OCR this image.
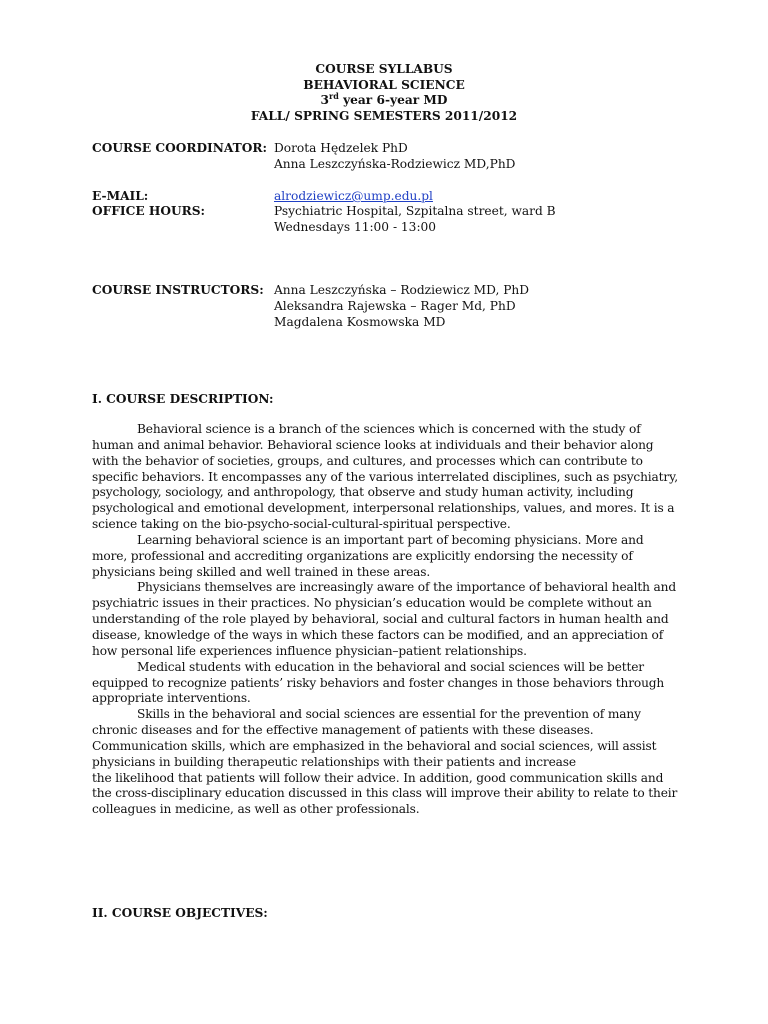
COURSE SYLLABUS
BEHAVIORAL SCIENCE
3rd year 6-year MD
FALL/ SPRING SEMESTERS 2011/2012
COURSE COORDINATOR: Dorota Hędzelek PhD
Anna Leszczyńska-Rodziewicz MD,PhD
E-MAIL:	alrodziewicz@ump.edu.pl
OFFICE HOURS:	Psychiatric Hospital, Szpitalna street, ward B
Wednesdays 11:00 - 13:00
COURSE INSTRUCTORS: Anna Leszczyńska – Rodziewicz MD, PhD
Aleksandra Rajewska – Rager Md, PhD
Magdalena Kosmowska MD
I. COURSE DESCRIPTION:
Behavioral science is a branch of the sciences which is concerned with the study of
human and animal behavior. Behavioral science looks at individuals and their behavior along
with the behavior of societies, groups, and cultures, and processes which can contribute to
specific behaviors. It encompasses any of the various interrelated disciplines, such as psychiatry,
psychology, sociology, and anthropology, that observe and study human activity, including
psychological and emotional development, interpersonal relationships, values, and mores. It is a
science taking on the bio-psycho-social-cultural-spiritual perspective.
Learning behavioral science is an important part of becoming physicians. More and
more, professional and accrediting organizations are explicitly endorsing the necessity of
physicians being skilled and well trained in these areas.
Physicians themselves are increasingly aware of the importance of behavioral health and
psychiatric issues in their practices. No physician’s education would be complete without an
understanding of the role played by behavioral, social and cultural factors in human health and
disease, knowledge of the ways in which these factors can be modified, and an appreciation of
how personal life experiences influence physician–patient relationships.
Medical students with education in the behavioral and social sciences will be better
equipped to recognize patients’ risky behaviors and foster changes in those behaviors through
appropriate interventions.
Skills in the behavioral and social sciences are essential for the prevention of many
chronic diseases and for the effective management of patients with these diseases.
Communication skills, which are emphasized in the behavioral and social sciences, will assist
physicians in building therapeutic relationships with their patients and increase
the likelihood that patients will follow their advice. In addition, good communication skills and
the cross-disciplinary education discussed in this class will improve their ability to relate to their
colleagues in medicine, as well as other professionals.
II. COURSE OBJECTIVES:
